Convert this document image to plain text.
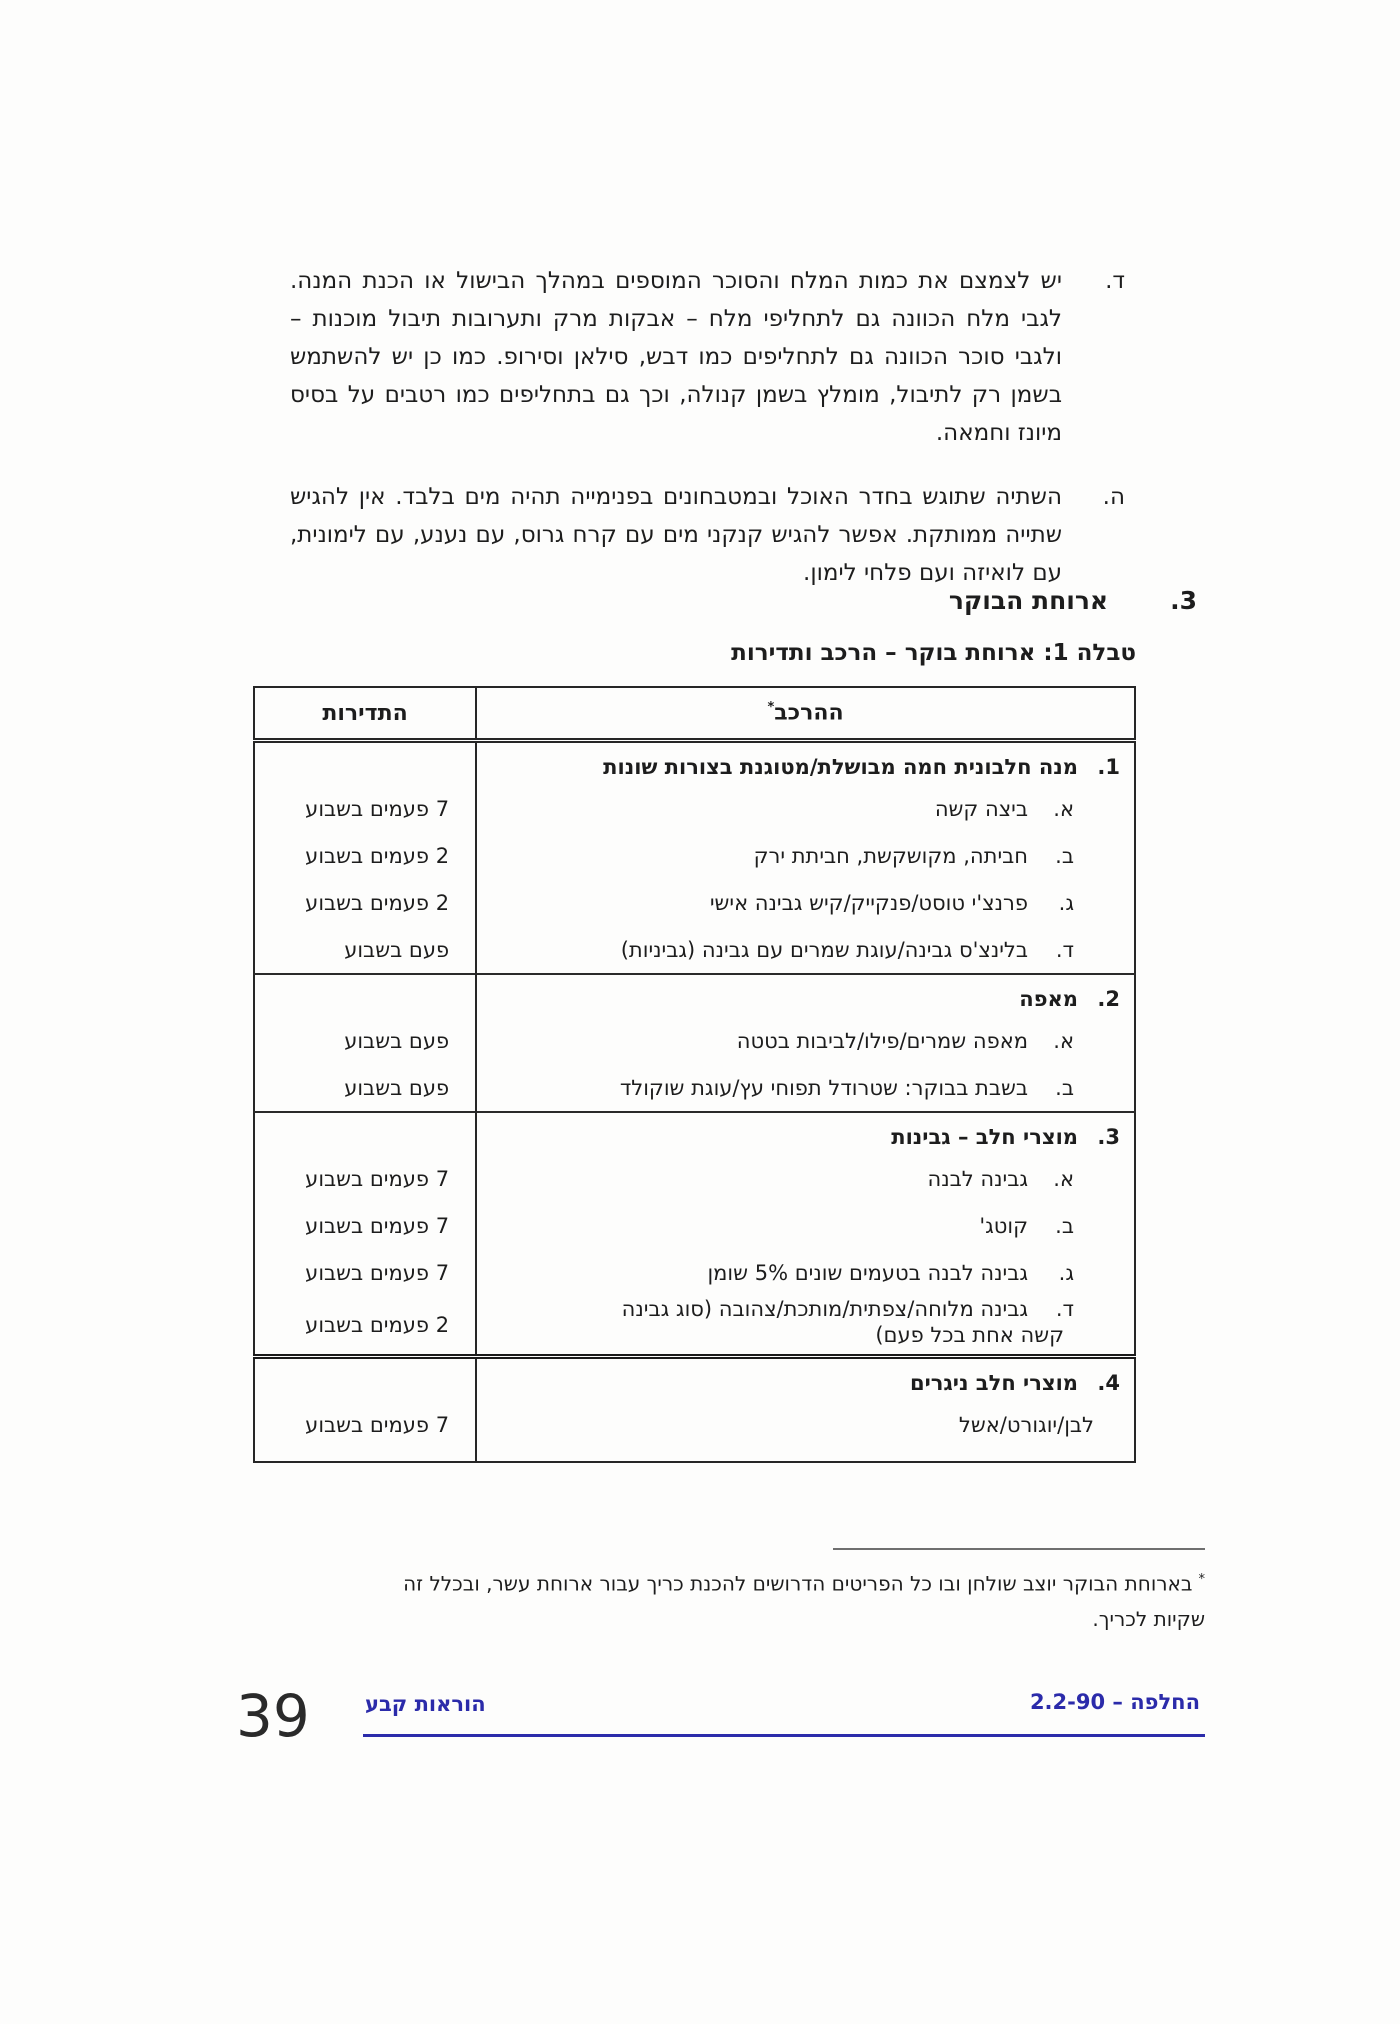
ד.
יש לצמצם את כמות המלח והסוכר המוספים במהלך הבישול או הכנת המנה. לגבי מלח הכוונה גם לתחליפי מלח – אבקות מרק ותערובות תיבול מוכנות – ולגבי סוכר הכוונה גם לתחליפים כמו דבש, סילאן וסירופ. כמו כן יש להשתמש בשמן רק לתיבול, מומלץ בשמן קנולה, וכך גם בתחליפים כמו רטבים על בסיס מיונז וחמאה.
ה.
השתיה שתוגש בחדר האוכל ובמטבחונים בפנימייה תהיה מים בלבד. אין להגיש שתייה ממותקת. אפשר להגיש קנקני מים עם קרח גרוס, עם נענע, עם לימונית, עם לואיזה ועם פלחי לימון.
3.
ארוחת הבוקר
טבלה 1: ארוחת בוקר – הרכב ותדירות
ההרכב*	התדירות
1.מנה חלבונית חמה מבושלת/מטוגנת בצורות שונות	
א.ביצה קשה	7 פעמים בשבוע
ב.חביתה, מקושקשת, חביתת ירק	2 פעמים בשבוע
ג.פרנצ'י טוסט/פנקייק/קיש גבינה אישי	2 פעמים בשבוע
ד.בלינצ'ס גבינה/עוגת שמרים עם גבינה (גביניות)	פעם בשבוע
2.מאפה	
א.מאפה שמרים/פילו/לביבות בטטה	פעם בשבוע
ב.בשבת בבוקר: שטרודל תפוחי עץ/עוגת שוקולד	פעם בשבוע
3.מוצרי חלב – גבינות	
א.גבינה לבנה	7 פעמים בשבוע
ב.קוטג'	7 פעמים בשבוע
ג.גבינה לבנה בטעמים שונים 5% שומן	7 פעמים בשבוע
ד.גבינה מלוחה/צפתית/מותכת/צהובה (סוג גבינה
קשה אחת בכל פעם)	2 פעמים בשבוע
4.מוצרי חלב ניגרים	
לבן/יוגורט/אשל	7 פעמים בשבוע
*בארוחת הבוקר יוצב שולחן ובו כל הפריטים הדרושים להכנת כריך עבור ארוחת עשר, ובכלל זה
שקיות לכריך.
החלפה – 2.2-90
הוראות קבע
39
